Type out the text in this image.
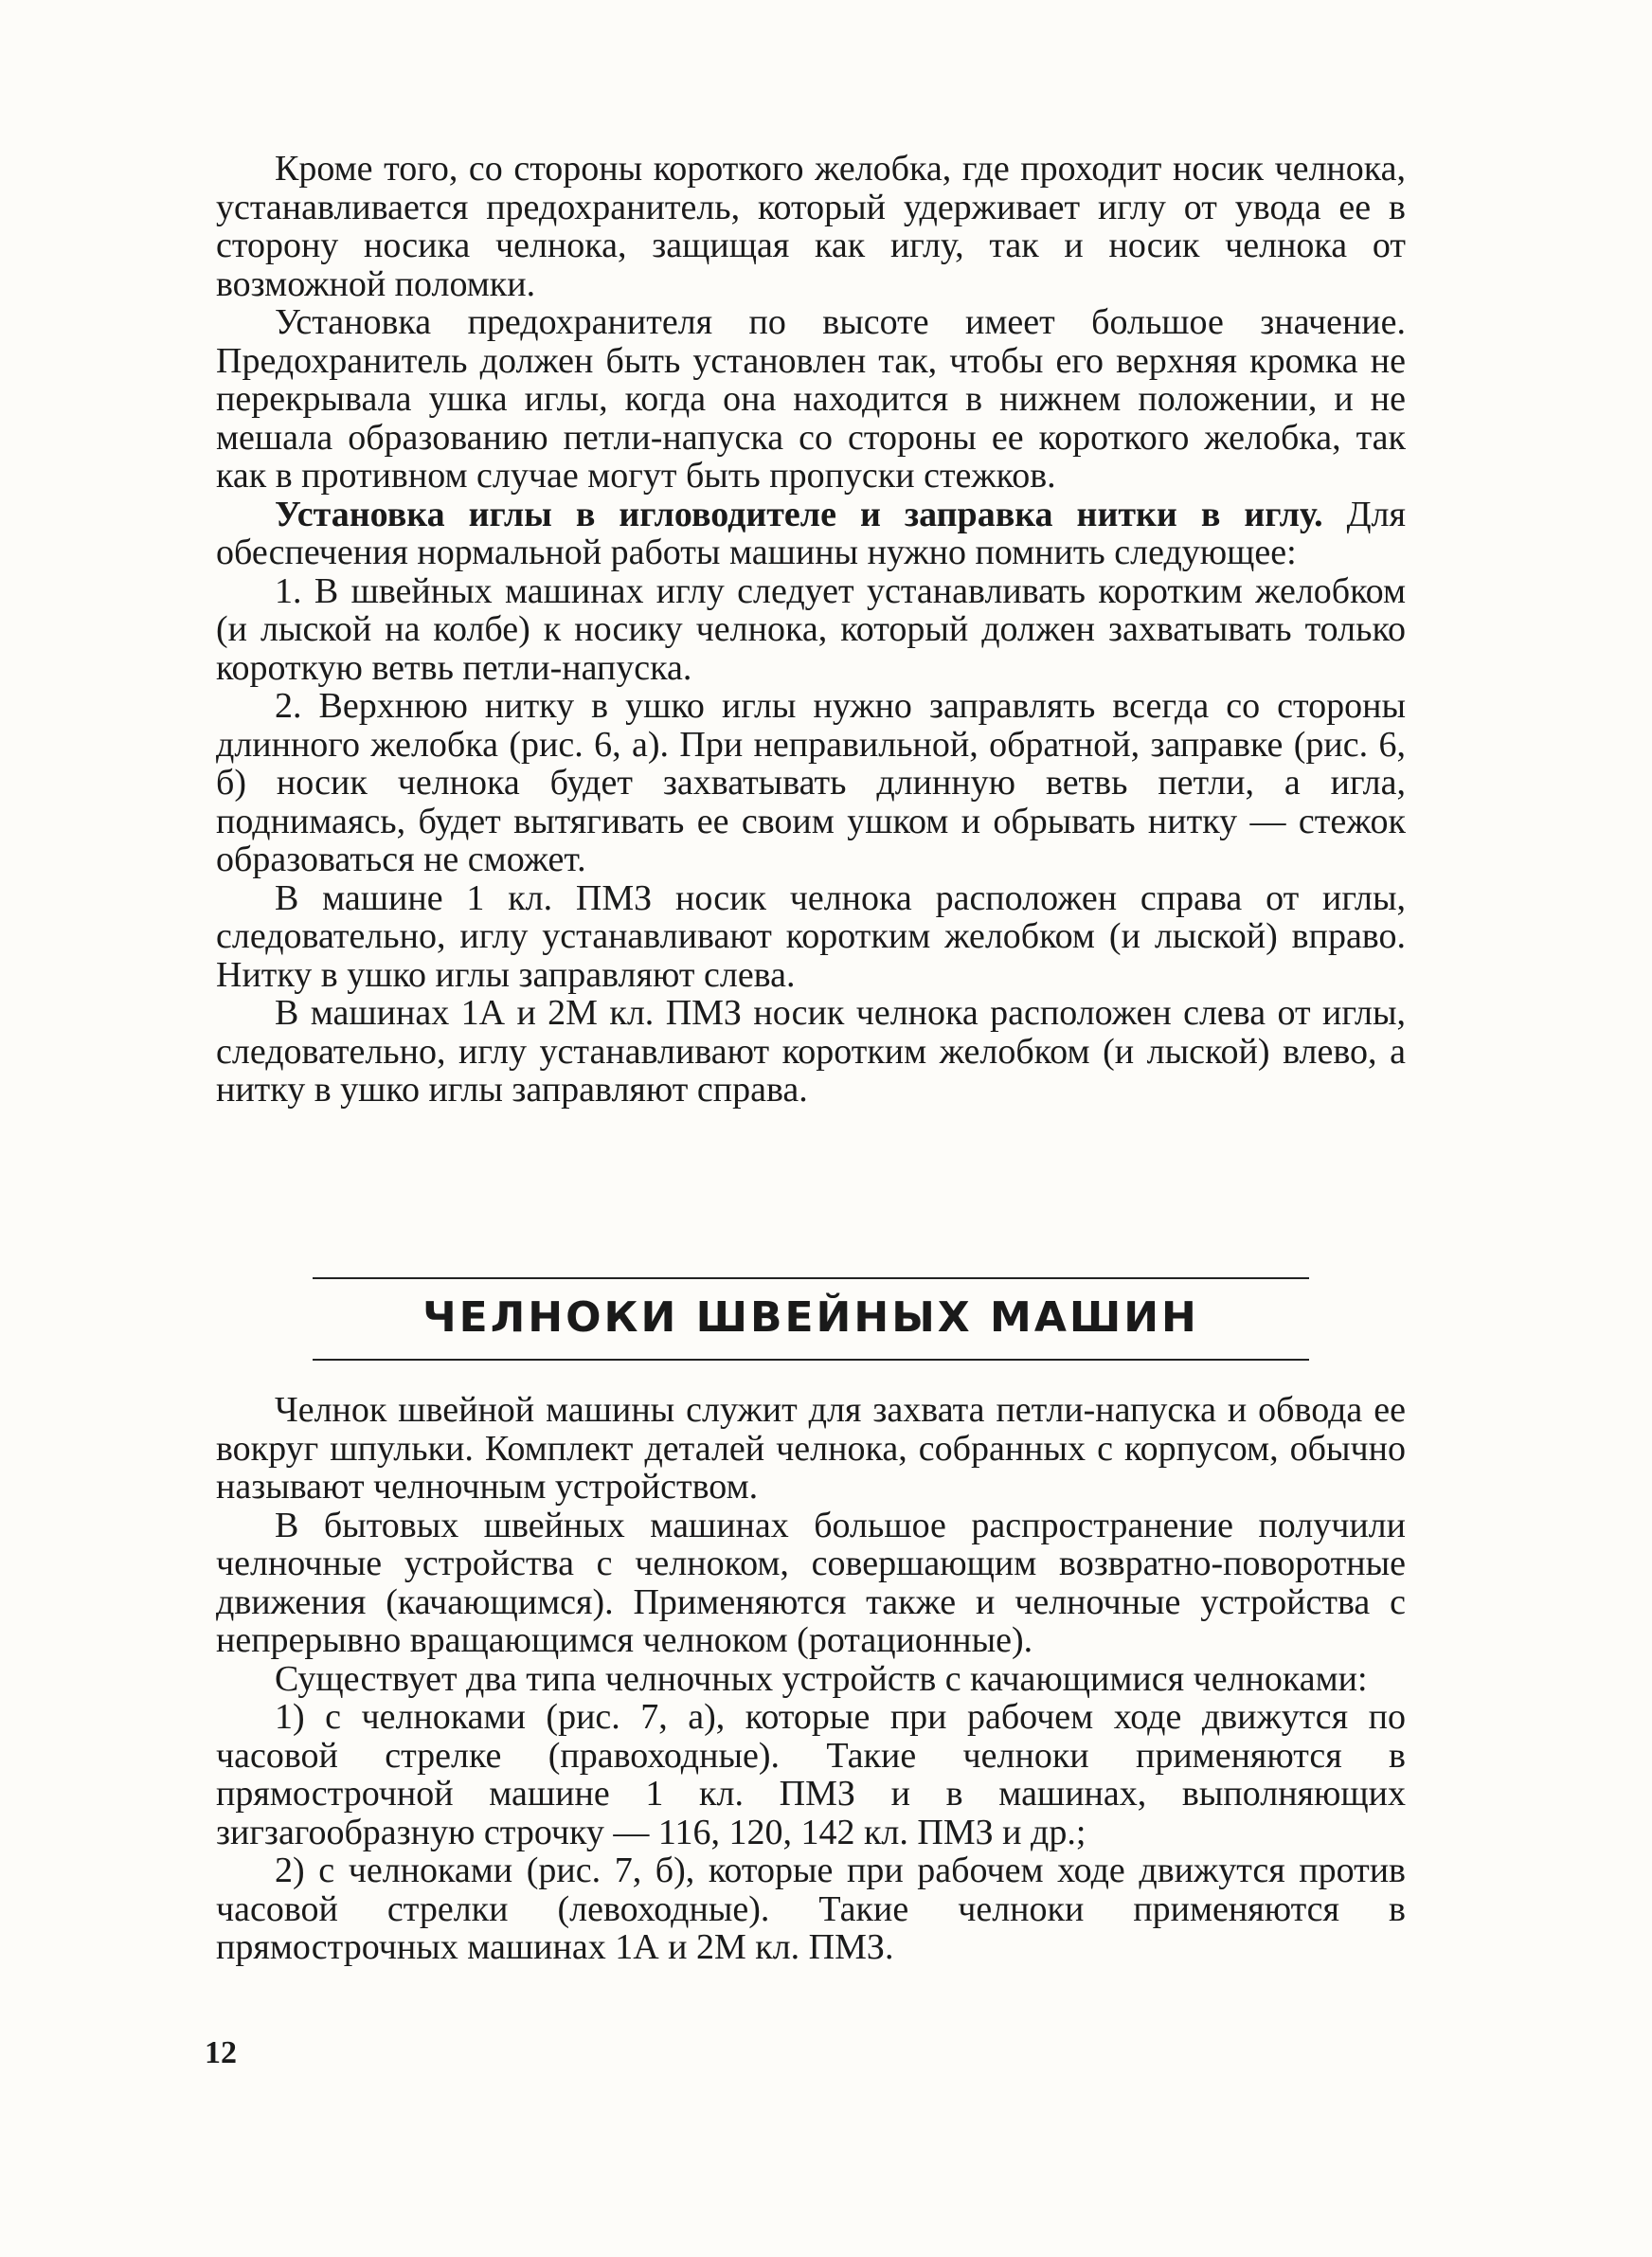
Кроме того, со стороны короткого желобка, где проходит носик челнока, устанавливается предохранитель, который удерживает иглу от увода ее в сторону носика челнока, защищая как иглу, так и носик челнока от возможной поломки.

Установка предохранителя по высоте имеет большое значение. Предохранитель должен быть установлен так, чтобы его верхняя кромка не перекрывала ушка иглы, когда она находится в нижнем положении, и не мешала образованию петли-напуска со стороны ее короткого желобка, так как в противном случае могут быть пропуски стежков.

Установка иглы в игловодителе и заправка нитки в иглу. Для обеспечения нормальной работы машины нужно помнить следующее:

1. В швейных машинах иглу следует устанавливать коротким желобком (и лыской на колбе) к носику челнока, который должен захватывать только короткую ветвь петли-напуска.

2. Верхнюю нитку в ушко иглы нужно заправлять всегда со стороны длинного желобка (рис. 6, а). При неправильной, обратной, заправке (рис. 6, б) носик челнока будет захватывать длинную ветвь петли, а игла, поднимаясь, будет вытягивать ее своим ушком и обрывать нитку — стежок образоваться не сможет.

В машине 1 кл. ПМЗ носик челнока расположен справа от иглы, следовательно, иглу устанавливают коротким желобком (и лыской) вправо. Нитку в ушко иглы заправляют слева.

В машинах 1А и 2М кл. ПМЗ носик челнока расположен слева от иглы, следовательно, иглу устанавливают коротким желобком (и лыской) влево, а нитку в ушко иглы заправляют справа.

ЧЕЛНОКИ ШВЕЙНЫХ МАШИН

Челнок швейной машины служит для захвата петли-напуска и обвода ее вокруг шпульки. Комплект деталей челнока, собранных с корпусом, обычно называют челночным устройством.

В бытовых швейных машинах большое распространение получили челночные устройства с челноком, совершающим возвратно-поворотные движения (качающимся). Применяются также и челночные устройства с непрерывно вращающимся челноком (ротационные).

Существует два типа челночных устройств с качающимися челноками:

1) с челноками (рис. 7, а), которые при рабочем ходе движутся по часовой стрелке (правоходные). Такие челноки применяются в прямострочной машине 1 кл. ПМЗ и в машинах, выполняющих зигзагообразную строчку — 116, 120, 142 кл. ПМЗ и др.;

2) с челноками (рис. 7, б), которые при рабочем ходе движутся против часовой стрелки (левоходные). Такие челноки применяются в прямострочных машинах 1А и 2М кл. ПМЗ.

12
